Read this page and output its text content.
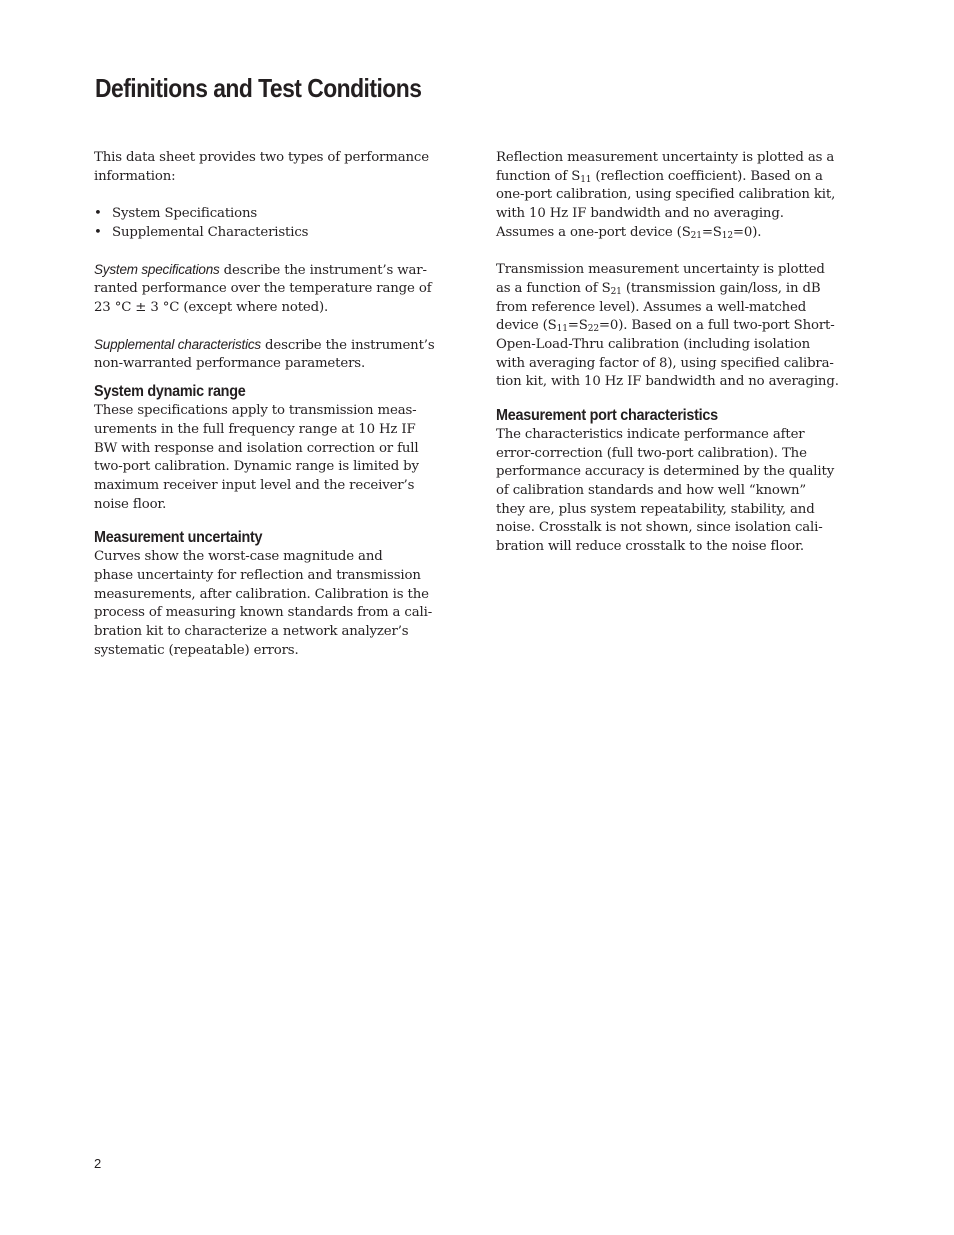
Definitions and Test Conditions
This data sheet provides two types of performance
information:
• System Specifications
• Supplemental Characteristics
System specifications describe the instrument’s war-
ranted performance over the temperature range of
23 °C ± 3 °C (except where noted).
Supplemental characteristics describe the instrument’s
non-warranted performance parameters.
System dynamic range
These specifications apply to transmission meas-
urements in the full frequency range at 10 Hz IF
BW with response and isolation correction or full
two-port calibration. Dynamic range is limited by
maximum receiver input level and the receiver’s
noise floor.
Measurement uncertainty
Curves show the worst-case magnitude and
phase uncertainty for reflection and transmission
measurements, after calibration. Calibration is the
process of measuring known standards from a cali-
bration kit to characterize a network analyzer’s
systematic (repeatable) errors.
Reflection measurement uncertainty is plotted as a
function of $S_{11}$ (reflection coefficient). Based on a
one-port calibration, using specified calibration kit,
with 10 Hz IF bandwidth and no averaging.
Assumes a one-port device $(S_{21}=S_{12}=0)$.
Transmission measurement uncertainty is plotted
as a function of $S_{21}$ (transmission gain/loss, in dB
from reference level). Assumes a well-matched
device $(S_{11}=S_{22}=0)$. Based on a full two-port Short-
Open-Load-Thru calibration (including isolation
with averaging factor of 8), using specified calibra-
tion kit, with 10 Hz IF bandwidth and no averaging.
Measurement port characteristics
The characteristics indicate performance after
error-correction (full two-port calibration). The
performance accuracy is determined by the quality
of calibration standards and how well “known”
they are, plus system repeatability, stability, and
noise. Crosstalk is not shown, since isolation cali-
bration will reduce crosstalk to the noise floor.
2
